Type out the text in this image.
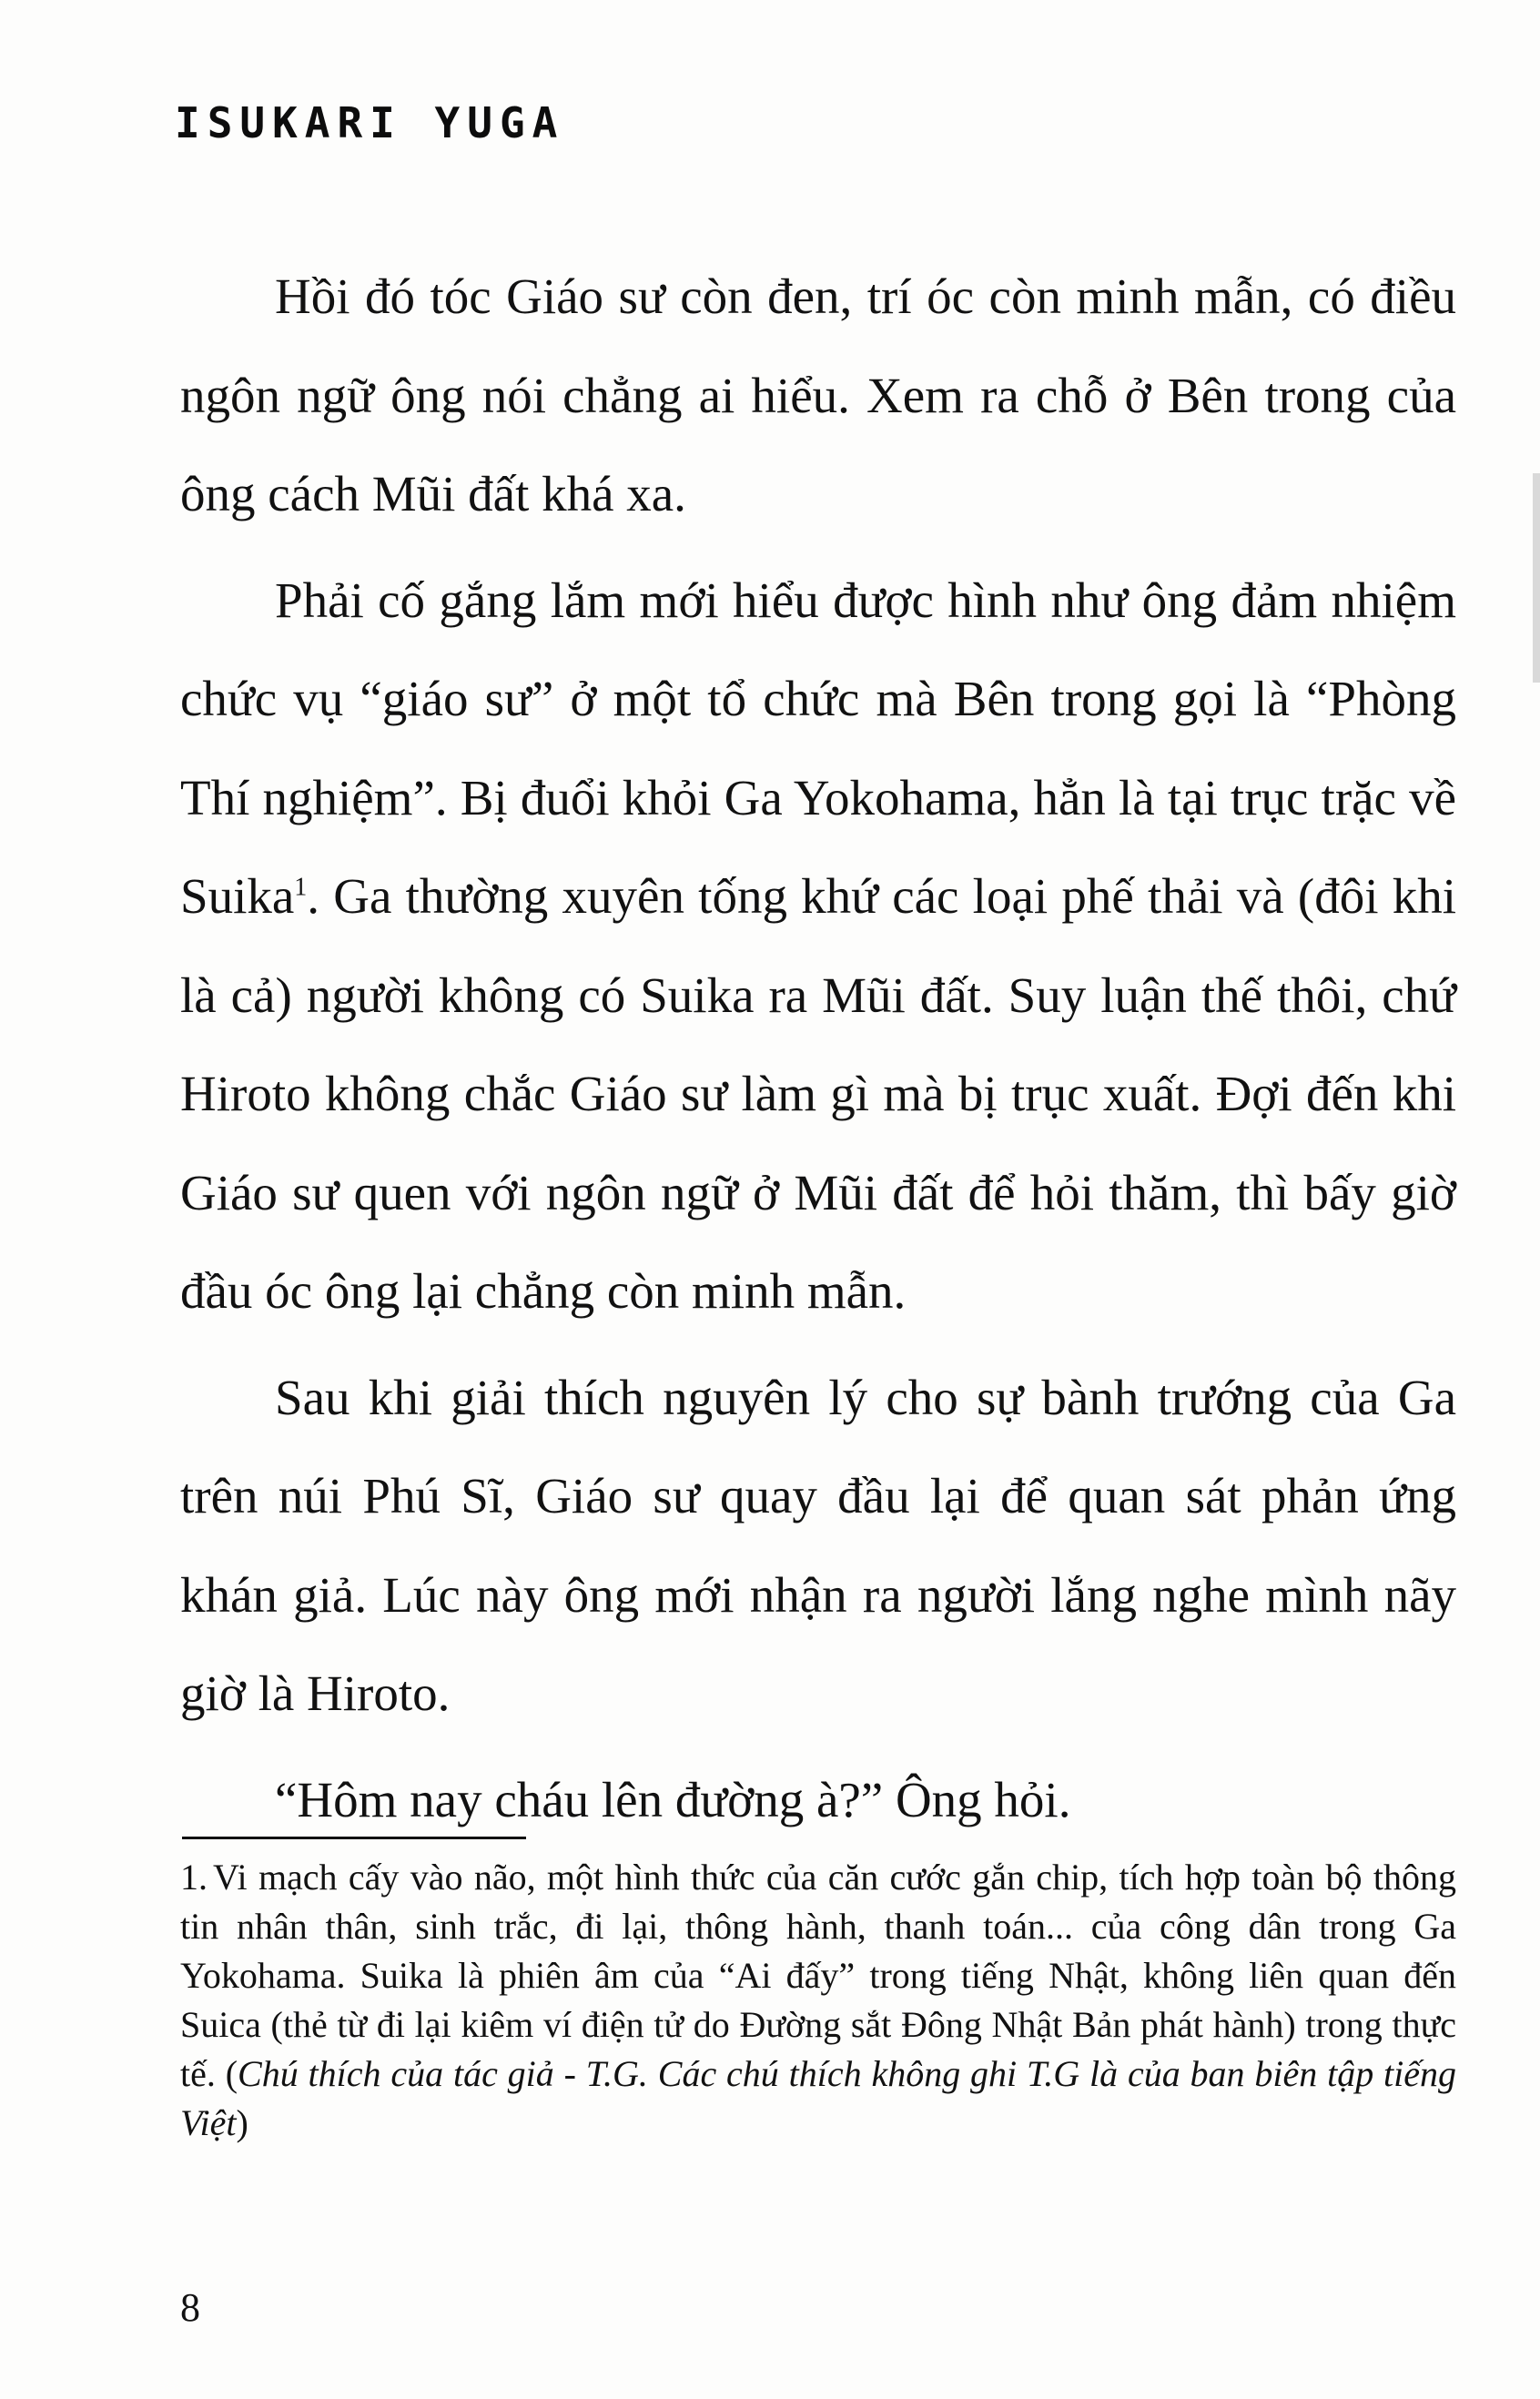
ISUKARI YUGA

Hồi đó tóc Giáo sư còn đen, trí óc còn minh mẫn, có điều ngôn ngữ ông nói chẳng ai hiểu. Xem ra chỗ ở Bên trong của ông cách Mũi đất khá xa.

Phải cố gắng lắm mới hiểu được hình như ông đảm nhiệm chức vụ “giáo sư” ở một tổ chức mà Bên trong gọi là “Phòng Thí nghiệm”. Bị đuổi khỏi Ga Yokohama, hẳn là tại trục trặc về Suika$^1$. Ga thường xuyên tống khứ các loại phế thải và (đôi khi là cả) người không có Suika ra Mũi đất. Suy luận thế thôi, chứ Hiroto không chắc Giáo sư làm gì mà bị trục xuất. Đợi đến khi Giáo sư quen với ngôn ngữ ở Mũi đất để hỏi thăm, thì bấy giờ đầu óc ông lại chẳng còn minh mẫn.

Sau khi giải thích nguyên lý cho sự bành trướng của Ga trên núi Phú Sĩ, Giáo sư quay đầu lại để quan sát phản ứng khán giả. Lúc này ông mới nhận ra người lắng nghe mình nãy giờ là Hiroto.

“Hôm nay cháu lên đường à?” Ông hỏi.

1. Vi mạch cấy vào não, một hình thức của căn cước gắn chip, tích hợp toàn bộ thông tin nhân thân, sinh trắc, đi lại, thông hành, thanh toán... của công dân trong Ga Yokohama. Suika là phiên âm của “Ai đấy” trong tiếng Nhật, không liên quan đến Suica (thẻ từ đi lại kiêm ví điện tử do Đường sắt Đông Nhật Bản phát hành) trong thực tế. (Chú thích của tác giả - T.G. Các chú thích không ghi T.G là của ban biên tập tiếng Việt)
8
